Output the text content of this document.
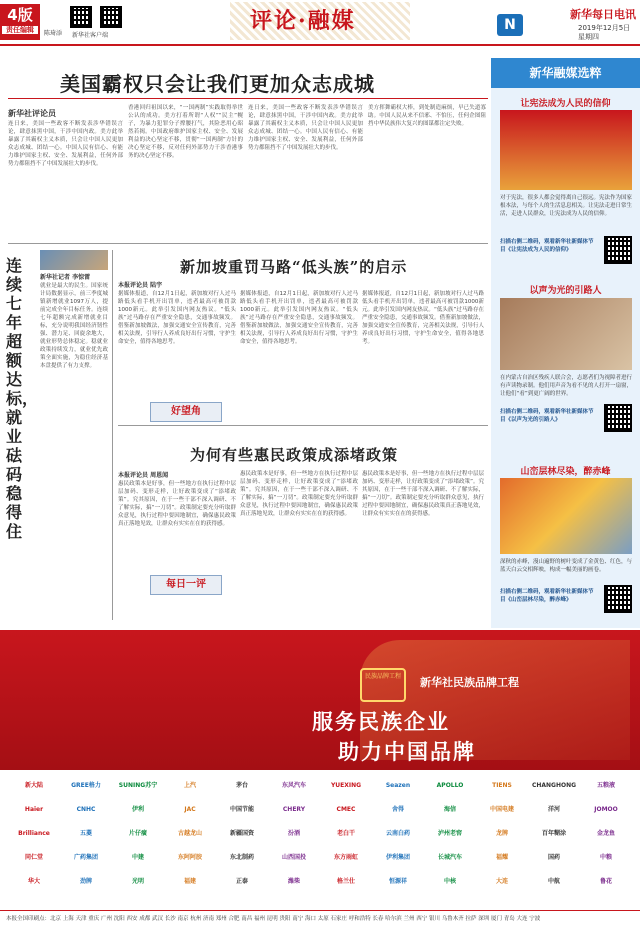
4版
责任编辑	陈琦添 新华社客户端
评论·融媒	N
新华每日电讯
2019年12月5日
星期四
美国霸权只会让我们更加众志成城
新华社评论员
连日来，美国一些政客不断发表涉华错误言论，肆意抹黑中国，干涉中国内政。美方此举暴露了其霸权主义本质，只会让中国人民更加众志成城、团结一心。中国人民有信心、有能力维护国家主权、安全、发展利益，任何外部势力都阻挡不了中国发展壮大的步伐。
香港回归祖国以来，“一国两制”实践取得举世公认的成功。美方打着所谓“人权”“民主”幌子，为暴力犯罪分子撑腰打气，其险恶用心昭然若揭。中国政府维护国家主权、安全、发展利益的决心坚定不移，贯彻“一国两制”方针的决心坚定不移，反对任何外部势力干涉香港事务的决心坚定不移。
连日来，美国一些政客不断发表涉华错误言论，肆意抹黑中国，干涉中国内政。美方此举暴露了其霸权主义本质，只会让中国人民更加众志成城、团结一心。中国人民有信心、有能力维护国家主权、安全、发展利益，任何外部势力都阻挡不了中国发展壮大的步伐。
美方挥舞霸权大棒，到处制造麻烦，早已失道寡助。中国人民从来不信邪、不怕压，任何企图阻挡中华民族伟大复兴的图谋都注定失败。
连续七年超额达标，就业砝码稳得住
新华社记者 李惊雷
就业是最大的民生。国家统计局数据显示，前三季度城镇新增就业1097万人，提前完成全年目标任务。连续七年超额完成新增就业目标，充分说明我国经济韧性强、潜力足、回旋余地大，就业形势总体稳定。稳就业政策持续发力，就业优先政策全面实施，为稳住经济基本盘提供了有力支撑。
新加坡重罚马路“低头族”的启示
本报评论员 陆宇
据媒体报道，自12月1日起，新加坡对行人过马路低头看手机开出罚单，违者最高可被罚款1000新元。此举引发国内网友热议。“低头族”过马路存在严重安全隐患，交通事故频发。借鉴新加坡做法，加强交通安全宣传教育，完善相关法规，引导行人养成良好出行习惯，守护生命安全，值得各地思考。
据媒体报道，自12月1日起，新加坡对行人过马路低头看手机开出罚单，违者最高可被罚款1000新元。此举引发国内网友热议。“低头族”过马路存在严重安全隐患，交通事故频发。借鉴新加坡做法，加强交通安全宣传教育，完善相关法规，引导行人养成良好出行习惯，守护生命安全，值得各地思考。
据媒体报道，自12月1日起，新加坡对行人过马路低头看手机开出罚单，违者最高可被罚款1000新元。此举引发国内网友热议。“低头族”过马路存在严重安全隐患，交通事故频发。借鉴新加坡做法，加强交通安全宣传教育，完善相关法规，引导行人养成良好出行习惯，守护生命安全，值得各地思考。
好望角
为何有些惠民政策成添堵政策
本报评论员 周恩闻
惠民政策本是好事，但一些地方在执行过程中层层加码、变形走样，让好政策变成了“添堵政策”。究其原因，在于一些干部不深入调研、不了解实际，搞“一刀切”。政策制定要充分听取群众意见，执行过程中要因地制宜，确保惠民政策真正落地见效，让群众有实实在在的获得感。
惠民政策本是好事，但一些地方在执行过程中层层加码、变形走样，让好政策变成了“添堵政策”。究其原因，在于一些干部不深入调研、不了解实际，搞“一刀切”。政策制定要充分听取群众意见，执行过程中要因地制宜，确保惠民政策真正落地见效，让群众有实实在在的获得感。
惠民政策本是好事，但一些地方在执行过程中层层加码、变形走样，让好政策变成了“添堵政策”。究其原因，在于一些干部不深入调研、不了解实际，搞“一刀切”。政策制定要充分听取群众意见，执行过程中要因地制宜，确保惠民政策真正落地见效，让群众有实实在在的获得感。
每日一评
新华融媒选粹
让宪法成为人民的信仰
对于宪法，很多人都会觉得离自己很远。宪法作为国家根本法，与每个人的生活息息相关。让宪法走进日常生活，走进人民群众，让宪法成为人民的信仰。
扫描右侧二维码，观看新华社新媒体节目《让宪法成为人民的信仰》
以声为光的引路人
在内蒙古自治区残疾人联合会，志愿者们为视障者进行有声读物录制。他们用声音为看不见的人打开一扇窗，让他们“看”到更广阔的世界。
扫描右侧二维码，观看新华社新媒体节目《以声为光的引路人》
山峦层林尽染，醉赤峰
深秋的赤峰，漫山遍野的树叶变成了金黄色、红色，与蓝天白云交相辉映，构成一幅美丽的画卷。
扫描右侧二维码，观看新华社新媒体节目《山峦层林尽染，醉赤峰》
民族品牌工程	新华社民族品牌工程
服务民族企业
助力中国品牌
新大陆	GREE格力	SUNING苏宁	上汽	茅台	东风汽车	YUEXING	Seazen	APOLLO	TIENS	CHANGHONG	五粮液
Haier	CNHC	伊利	JAC	中国节能	CHERY	CMEC	舍得	海信	中国电建	洋河	JOMOO
Brilliance	五菱	片仔癀	古越龙山	新疆国资	汾酒	老白干	云南白药	泸州老窖	龙牌	百年糊涂	金龙鱼
同仁堂	广药集团	中建	东阿阿胶	东北制药	山西国投	东方雨虹	伊利集团	长城汽车	福耀	国药	中粮
华大	劲牌	光明	福建	正泰	潍柴	格兰仕	恒源祥	中核	大连	中航	鲁花
本报全国印刷点：北京 上海 天津 重庆 广州 沈阳 西安 成都 武汉 长沙 南京 杭州 济南 郑州 合肥 南昌 福州 昆明 贵阳 南宁 海口 太原 石家庄 呼和浩特 长春 哈尔滨 兰州 西宁 银川 乌鲁木齐 拉萨 深圳 厦门 青岛 大连 宁波
